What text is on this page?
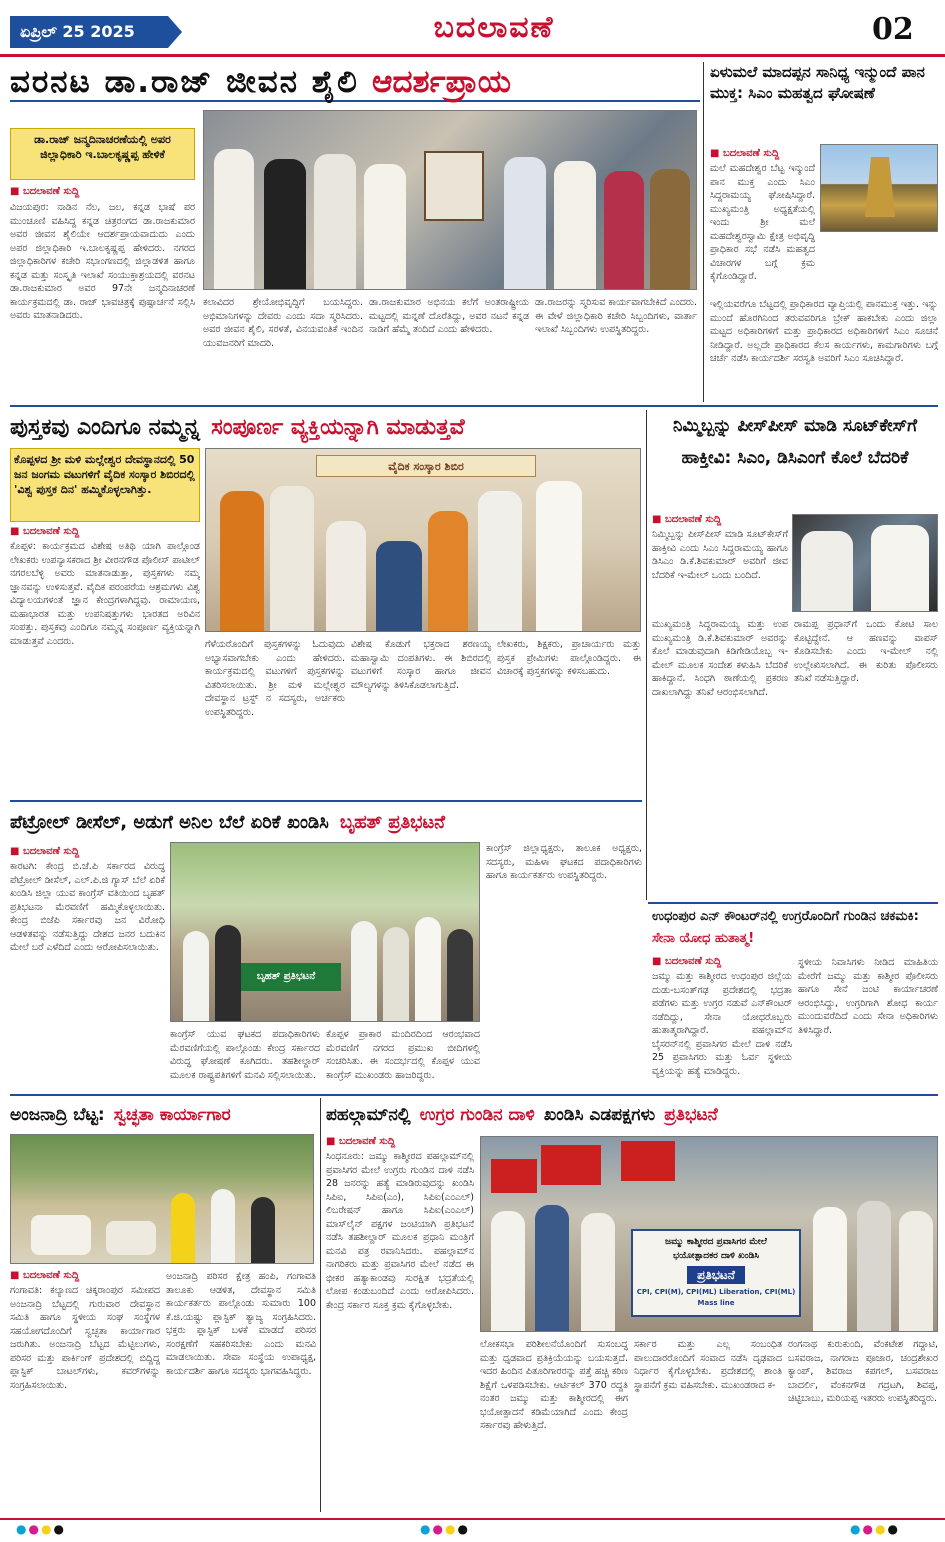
ಏಪ್ರಿಲ್ 25 2025	ಬದಲಾವಣೆ	02
ವರನಟ ಡಾ.ರಾಜ್ ಜೀವನ ಶೈಲಿ ಆದರ್ಶಪ್ರಾಯ
ಡಾ.ರಾಜ್ ಜನ್ಮದಿನಾಚರಣೆಯಲ್ಲಿ ಅಪರ ಜಿಲ್ಲಾಧಿಕಾರಿ ಇ.ಬಾಲಕೃಷ್ಣಪ್ಪ ಹೇಳಿಕೆ
■ ಬದಲಾವಣೆ ಸುದ್ದಿ
ವಿಜಯಪುರ: ನಾಡಿನ ನೆಲ, ಜಲ, ಕನ್ನಡ ಭಾಷೆ ಪರ ಮುಂಚೂಣಿ ವಹಿಸಿದ್ದ ಕನ್ನಡ ಚಿತ್ರರಂಗದ ಡಾ.ರಾಜಕುಮಾರ ಅವರ ಜೀವನ ಶೈಲಿಯೇ ಆದರ್ಶಪ್ರಾಯವಾದುದು ಎಂದು ಅಪರ ಜಿಲ್ಲಾಧಿಕಾರಿ ಇ.ಬಾಲಕೃಷ್ಣಪ್ಪ ಹೇಳಿದರು. ನಗರದ ಜಿಲ್ಲಾಧಿಕಾರಿಗಳ ಕಚೇರಿ ಸಭಾಂಗಣದಲ್ಲಿ ಜಿಲ್ಲಾಡಳಿತ ಹಾಗೂ ಕನ್ನಡ ಮತ್ತು ಸಂಸ್ಕೃತಿ ಇಲಾಖೆ ಸಂಯುಕ್ತಾಶ್ರಯದಲ್ಲಿ ವರನಟ ಡಾ.ರಾಜಕುಮಾರ ಅವರ 97ನೇ ಜನ್ಮದಿನಾಚರಣೆ ಕಾರ್ಯಕ್ರಮದಲ್ಲಿ ಡಾ. ರಾಜ್ ಭಾವಚಿತ್ರಕ್ಕೆ ಪುಷ್ಪಾರ್ಚನೆ ಸಲ್ಲಿಸಿ ಅವರು ಮಾತನಾಡಿದರು.
ಕಲಾವಿದರ ಶ್ರೇಯೋಭಿವೃದ್ಧಿಗೆ ಬಯಸಿದ್ದರು. ಅಭಿಮಾನಿಗಳನ್ನು ದೇವರು ಎಂದು ಸದಾ ಸ್ಮರಿಸಿದರು. ಅವರ ಜೀವನ ಶೈಲಿ, ಸರಳತೆ, ವಿನಯವಂತಿಕೆ ಇಂದಿನ ಯುವಜನರಿಗೆ ಮಾದರಿ.
ಡಾ.ರಾಜಕುಮಾರ ಅಭಿನಯ ಕಲೆಗೆ ಅಂತರಾಷ್ಟ್ರೀಯ ಮಟ್ಟದಲ್ಲಿ ಮನ್ನಣೆ ದೊರೆತಿದ್ದು, ಅವರ ನಟನೆ ಕನ್ನಡ ನಾಡಿಗೆ ಹೆಮ್ಮೆ ತಂದಿದೆ ಎಂದು ಹೇಳಿದರು.
ಡಾ.ರಾಜರನ್ನು ಸ್ಮರಿಸುವ ಕಾರ್ಯವಾಗಬೇಕಿದೆ ಎಂದರು. ಈ ವೇಳೆ ಜಿಲ್ಲಾಧಿಕಾರಿ ಕಚೇರಿ ಸಿಬ್ಬಂದಿಗಳು, ವಾರ್ತಾ ಇಲಾಖೆ ಸಿಬ್ಬಂದಿಗಳು ಉಪಸ್ಥಿತರಿದ್ದರು.
ಏಳುಮಲೆ ಮಾದಪ್ಪನ ಸಾನಿಧ್ಯ ಇನ್ಮುಂದೆ ಪಾನ ಮುಕ್ತ: ಸಿಎಂ ಮಹತ್ವದ ಘೋಷಣೆ
■ ಬದಲಾವಣೆ ಸುದ್ದಿ
ಮಲೆ ಮಹದೇಶ್ವರ ಬೆಟ್ಟ ಇನ್ಮುಂದೆ ಪಾನ ಮುಕ್ತ ಎಂದು ಸಿಎಂ ಸಿದ್ದರಾಮಯ್ಯ ಘೋಷಿಸಿದ್ದಾರೆ. ಮುಖ್ಯಮಂತ್ರಿ ಅಧ್ಯಕ್ಷತೆಯಲ್ಲಿ ಇಂದು ಶ್ರೀ ಮಲೆ ಮಹದೇಶ್ವರಸ್ವಾಮಿ ಕ್ಷೇತ್ರ ಅಭಿವೃದ್ಧಿ ಪ್ರಾಧಿಕಾರ ಸಭೆ ನಡೆಸಿ ಮಹತ್ವದ ವಿಚಾರಗಳ ಬಗ್ಗೆ ಕ್ರಮ ಕೈಗೊಂಡಿದ್ದಾರೆ.
ಇಲ್ಲಿಯವರೆಗೂ ಬೆಟ್ಟದಲ್ಲಿ ಪ್ರಾಧಿಕಾರದ ವ್ಯಾಪ್ತಿಯಲ್ಲಿ ಪಾನಮುಕ್ತ ಇತ್ತು. ಇನ್ನು ಮುಂದೆ ಹೊರಗಿನಿಂದ ತರುವವರಿಗೂ ಬ್ರೇಕ್ ಹಾಕಬೇಕು ಎಂದು ಜಿಲ್ಲಾ ಮಟ್ಟದ ಅಧಿಕಾರಿಗಳಿಗೆ ಮತ್ತು ಪ್ರಾಧಿಕಾರದ ಅಧಿಕಾರಿಗಳಿಗೆ ಸಿಎಂ ಸೂಚನೆ ನೀಡಿದ್ದಾರೆ. ಅಲ್ಲದೇ ಪ್ರಾಧಿಕಾರದ ಕೆಲಸ ಕಾರ್ಯಗಳು, ಕಾಮಗಾರಿಗಳು ಬಗ್ಗೆ ಚರ್ಚೆ ನಡೆಸಿ ಕಾರ್ಯದರ್ಶಿ ಸರಸ್ವತಿ ಅವರಿಗೆ ಸಿಎಂ ಸೂಚಿಸಿದ್ದಾರೆ.
ಪುಸ್ತಕವು ಎಂದಿಗೂ ನಮ್ಮನ್ನ ಸಂಪೂರ್ಣ ವ್ಯಕ್ತಿಯನ್ನಾಗಿ ಮಾಡುತ್ತವೆ
ಕೊಪ್ಪಳದ ಶ್ರೀ ಮಳಿ ಮಲ್ಲೇಶ್ವರ ದೇವಸ್ಥಾನದಲ್ಲಿ 50 ಜನ ಜಂಗಮ ವಟುಗಳಿಗೆ ವೈದಿಕ ಸಂಸ್ಕಾರ ಶಿಬಿರದಲ್ಲಿ 'ವಿಶ್ವ ಪುಸ್ತಕ ದಿನ' ಹಮ್ಮಿಕೊಳ್ಳಲಾಗಿತ್ತು.
■ ಬದಲಾವಣೆ ಸುದ್ದಿ
ಕೊಪ್ಪಳ: ಕಾರ್ಯಕ್ರಮದ ವಿಶೇಷ ಅತಿಥಿ ಯಾಗಿ ಪಾಲ್ಗೊಂಡ ಲೇಖಕರು ಉಪನ್ಯಾಸಕರಾದ ಶ್ರೀ ವೀರನಗೌಡ ಪೊಲೀಸ್ ಪಾಟೀಲ್ ನಗರಲಬೆಳ್ಳಿ ಅವರು ಮಾತನಾಡುತ್ತಾ, ಪುಸ್ತಕಗಳು ನಮ್ಮ ಜ್ಞಾನವನ್ನು ಉಳಿಸುತ್ತವೆ. ವೈದಿಕ ಪರಂಪರೆಯ ಆಶ್ರಮಗಳು ವಿಶ್ವ ವಿದ್ಯಾಲಯಗಳಂತೆ ಜ್ಞಾನ ಕೇಂದ್ರಗಳಾಗಿದ್ದವು. ರಾಮಾಯಣ, ಮಹಾಭಾರತ ಮತ್ತು ಉಪನಿಷತ್ತುಗಳು ಭಾರತದ ಅರಿವಿನ ಸಂಪತ್ತು. ಪುಸ್ತಕವು ಎಂದಿಗೂ ನಮ್ಮನ್ನ ಸಂಪೂರ್ಣ ವ್ಯಕ್ತಿಯನ್ನಾಗಿ ಮಾಡುತ್ತವೆ ಎಂದರು.
ವೈದಿಕ ಸಂಸ್ಕಾರ ಶಿಬಿರ
ಗೆಳೆಯರೊಂದಿಗೆ ಪುಸ್ತಕಗಳನ್ನು ಓದುವುದು ಅಭ್ಯಾಸವಾಗಬೇಕು ಎಂದು ಹೇಳಿದರು. ಕಾರ್ಯಕ್ರಮದಲ್ಲಿ ವಟುಗಳಿಗೆ ಪುಸ್ತಕಗಳನ್ನು ವಿತರಿಸಲಾಯಿತು. ಶ್ರೀ ಮಳಿ ಮಲ್ಲೇಶ್ವರ ದೇವಸ್ಥಾನ ಟ್ರಸ್ಟ್ ನ ಸದಸ್ಯರು, ಅರ್ಚಕರು ಉಪಸ್ಥಿತರಿದ್ದರು.
ವಿಶೇಷ ಕೊಡುಗೆ ಭಕ್ತರಾದ ಶರಣಯ್ಯ ಮಹಾಸ್ವಾಮಿ ದಂಪತಿಗಳು. ಈ ಶಿಬಿರದಲ್ಲಿ ವಟುಗಳಿಗೆ ಸಂಸ್ಕಾರ ಹಾಗೂ ಜೀವನ ಮೌಲ್ಯಗಳನ್ನು ತಿಳಿಸಿಕೊಡಲಾಗುತ್ತಿದೆ.
ಲೇಖಕರು, ಶಿಕ್ಷಕರು, ಪ್ರಾಚಾರ್ಯರು ಮತ್ತು ಪುಸ್ತಕ ಪ್ರೇಮಿಗಳು ಪಾಲ್ಗೊಂಡಿದ್ದರು. ಈ ವಿಚಾರಕ್ಕೆ ಪುಸ್ತಕಗಳನ್ನು ಕಳಿಸಬಹುದು.
ನಿಮ್ಮಿಬ್ಬನ್ನು ಪೀಸ್‌ಪೀಸ್ ಮಾಡಿ ಸೂಟ್‌ಕೇಸ್‌ಗೆ ಹಾಕ್ತೀವಿ: ಸಿಎಂ, ಡಿಸಿಎಂಗೆ ಕೊಲೆ ಬೆದರಿಕೆ
■ ಬದಲಾವಣೆ ಸುದ್ದಿ
ನಿಮ್ಮಿಬ್ಬನ್ನು ಪೀಸ್‌ಪೀಸ್ ಮಾಡಿ ಸೂಟ್‌ಕೇಸ್‌ಗೆ ಹಾಕ್ತೀವಿ ಎಂದು ಸಿಎಂ ಸಿದ್ದರಾಮಯ್ಯ ಹಾಗೂ ಡಿಸಿಎಂ ಡಿ.ಕೆ.ಶಿವಕುಮಾರ್ ಅವರಿಗೆ ಜೀವ ಬೆದರಿಕೆ ಇ-ಮೇಲ್ ಒಂದು ಬಂದಿದೆ.
ಮುಖ್ಯಮಂತ್ರಿ ಸಿದ್ದರಾಮಯ್ಯ ಮತ್ತು ಉಪ ಮುಖ್ಯಮಂತ್ರಿ ಡಿ.ಕೆ.ಶಿವಕುಮಾರ್ ಅವರನ್ನು ಕೊಲೆ ಮಾಡುವುದಾಗಿ ಕಿಡಿಗೇಡಿಯೊಬ್ಬ ಇ-ಮೇಲ್ ಮೂಲಕ ಸಂದೇಶ ಕಳುಹಿಸಿ ಬೆದರಿಕೆ ಹಾಕಿದ್ದಾನೆ. ಸಿಂಧಗಿ ಠಾಣೆಯಲ್ಲಿ ಪ್ರಕರಣ ದಾಖಲಾಗಿದ್ದು ತನಿಖೆ ಆರಂಭಿಸಲಾಗಿದೆ.
ರಾಮಪ್ಪ ಪ್ರಧಾನ್‌ಗೆ ಒಂದು ಕೋಟಿ ಸಾಲ ಕೊಟ್ಟಿದ್ದೇನೆ. ಆ ಹಣವನ್ನು ವಾಪಸ್ ಕೊಡಿಸಬೇಕು ಎಂದು ಇ-ಮೇಲ್ ನಲ್ಲಿ ಉಲ್ಲೇಖಿಸಲಾಗಿದೆ. ಈ ಕುರಿತು ಪೊಲೀಸರು ತನಿಖೆ ನಡೆಸುತ್ತಿದ್ದಾರೆ.
ಪೆಟ್ರೋಲ್ ಡೀಸೆಲ್, ಅಡುಗೆ ಅನಿಲ ಬೆಲೆ ಏರಿಕೆ ಖಂಡಿಸಿ ಬೃಹತ್ ಪ್ರತಿಭಟನೆ
■ ಬದಲಾವಣೆ ಸುದ್ದಿ
ಕಾರಟಗಿ: ಕೇಂದ್ರ ಬಿ.ಜೆ.ಪಿ ಸರ್ಕಾರದ ವಿರುದ್ಧ ಪೆಟ್ರೋಲ್ ಡೀಸೆಲ್, ಎಲ್.ಪಿ.ಜಿ ಗ್ಯಾಸ್ ಬೆಲೆ ಏರಿಕೆ ಖಂಡಿಸಿ ಜಿಲ್ಲಾ ಯುವ ಕಾಂಗ್ರೆಸ್ ವತಿಯಿಂದ ಬೃಹತ್ ಪ್ರತಿಭಟನಾ ಮೆರವಣಿಗೆ ಹಮ್ಮಿಕೊಳ್ಳಲಾಯಿತು. ಕೇಂದ್ರ ಬಿಜೆಪಿ ಸರ್ಕಾರವು ಜನ ವಿರೋಧಿ ಆಡಳಿತವನ್ನು ನಡೆಸುತ್ತಿದ್ದು ದೇಶದ ಜನರ ಬದುಕಿನ ಮೇಲೆ ಬರೆ ಎಳೆದಿದೆ ಎಂದು ಆರೋಪಿಸಲಾಯಿತು.
ಬೃಹತ್ ಪ್ರತಿಭಟನೆ
ಕಾಂಗ್ರೆಸ್ ಯುವ ಘಟಕದ ಪದಾಧಿಕಾರಿಗಳು ಮೆರವಣಿಗೆಯಲ್ಲಿ ಪಾಲ್ಗೊಂಡು ಕೇಂದ್ರ ಸರ್ಕಾರದ ವಿರುದ್ಧ ಘೋಷಣೆ ಕೂಗಿದರು. ತಹಶೀಲ್ದಾರ್ ಮೂಲಕ ರಾಷ್ಟ್ರಪತಿಗಳಿಗೆ ಮನವಿ ಸಲ್ಲಿಸಲಾಯಿತು.
ಕೊಪ್ಪಳ ಪ್ರಾಕಾರ ಮಂದಿರದಿಂದ ಆರಂಭವಾದ ಮೆರವಣಿಗೆ ನಗರದ ಪ್ರಮುಖ ಬೀದಿಗಳಲ್ಲಿ ಸಂಚರಿಸಿತು. ಈ ಸಂದರ್ಭದಲ್ಲಿ ಕೊಪ್ಪಳ ಯುವ ಕಾಂಗ್ರೆಸ್ ಮುಖಂಡರು ಹಾಜರಿದ್ದರು.
ಕಾಂಗ್ರೆಸ್ ಜಿಲ್ಲಾಧ್ಯಕ್ಷರು, ತಾಲೂಕ ಅಧ್ಯಕ್ಷರು, ಸದಸ್ಯರು, ಮಹಿಳಾ ಘಟಕದ ಪದಾಧಿಕಾರಿಗಳು ಹಾಗೂ ಕಾರ್ಯಕರ್ತರು ಉಪಸ್ಥಿತರಿದ್ದರು.
ಉಧಂಪುರ ಎನ್ ಕೌಂಟರ್‌ನಲ್ಲಿ ಉಗ್ರರೊಂದಿಗೆ ಗುಂಡಿನ ಚಕಮಕಿ: ಸೇನಾ ಯೋಧ ಹುತಾತ್ಮ!
■ ಬದಲಾವಣೆ ಸುದ್ದಿ
ಜಮ್ಮು ಮತ್ತು ಕಾಶ್ಮೀರದ ಉಧಂಪುರ ಜಿಲ್ಲೆಯ ದುಡು-ಬಸಂತ್‌ಗಢ ಪ್ರದೇಶದಲ್ಲಿ ಭದ್ರತಾ ಪಡೆಗಳು ಮತ್ತು ಉಗ್ರರ ನಡುವೆ ಎನ್‌ಕೌಂಟರ್ ನಡೆದಿದ್ದು, ಸೇನಾ ಯೋಧರೊಬ್ಬರು ಹುತಾತ್ಮರಾಗಿದ್ದಾರೆ. ಪಹಲ್ಗಾಮ್‌ನ ಬೈಸರನ್‌ನಲ್ಲಿ ಪ್ರವಾಸಿಗರ ಮೇಲೆ ದಾಳಿ ನಡೆಸಿ 25 ಪ್ರವಾಸಿಗರು ಮತ್ತು ಓರ್ವ ಸ್ಥಳೀಯ ವ್ಯಕ್ತಿಯನ್ನು ಹತ್ಯೆ ಮಾಡಿದ್ದರು.
ಸ್ಥಳೀಯ ನಿವಾಸಿಗಳು ನೀಡಿದ ಮಾಹಿತಿಯ ಮೇರೆಗೆ ಜಮ್ಮು ಮತ್ತು ಕಾಶ್ಮೀರ ಪೊಲೀಸರು ಹಾಗೂ ಸೇನೆ ಜಂಟಿ ಕಾರ್ಯಾಚರಣೆ ಆರಂಭಿಸಿದ್ದು, ಉಗ್ರರಿಗಾಗಿ ಶೋಧ ಕಾರ್ಯ ಮುಂದುವರೆದಿದೆ ಎಂದು ಸೇನಾ ಅಧಿಕಾರಿಗಳು ತಿಳಿಸಿದ್ದಾರೆ.
ಅಂಜನಾದ್ರಿ ಬೆಟ್ಟ: ಸ್ವಚ್ಛತಾ ಕಾರ್ಯಾಗಾರ
■ ಬದಲಾವಣೆ ಸುದ್ದಿ
ಗಂಗಾವತಿ: ಕಲ್ಯಾಣದ ಚಿಕ್ಕರಾಂಪುರ ಸಮೀಪದ ಅಂಜನಾದ್ರಿ ಬೆಟ್ಟದಲ್ಲಿ ಗುರುವಾರ ದೇವಸ್ಥಾನ ಸಮಿತಿ ಹಾಗೂ ಸ್ಥಳೀಯ ಸಂಘ ಸಂಸ್ಥೆಗಳ ಸಹಯೋಗದೊಂದಿಗೆ ಸ್ವಚ್ಛತಾ ಕಾರ್ಯಾಗಾರ ಜರುಗಿತು. ಅಂಜನಾದ್ರಿ ಬೆಟ್ಟದ ಮೆಟ್ಟಿಲುಗಳು, ಪರಿಸರ ಮತ್ತು ಪಾರ್ಕಿಂಗ್ ಪ್ರದೇಶದಲ್ಲಿ ಬಿದ್ದಿದ್ದ ಪ್ಲಾಸ್ಟಿಕ್ ಬಾಟಲ್‌ಗಳು, ಕವರ್‌ಗಳನ್ನು ಸಂಗ್ರಹಿಸಲಾಯಿತು.
ಅಂಜನಾದ್ರಿ ಪರಿಸರ ಕ್ಷೇತ್ರ ಹಂಪಿ, ಗಂಗಾವತಿ ತಾಲೂಕು ಆಡಳಿತ, ದೇವಸ್ಥಾನ ಸಮಿತಿ ಕಾರ್ಯಕರ್ತರು ಪಾಲ್ಗೊಂಡು ಸುಮಾರು 100 ಕೆ.ಜಿ.ಯಷ್ಟು ಪ್ಲಾಸ್ಟಿಕ್ ತ್ಯಾಜ್ಯ ಸಂಗ್ರಹಿಸಿದರು. ಭಕ್ತರು ಪ್ಲಾಸ್ಟಿಕ್ ಬಳಕೆ ಮಾಡದೆ ಪರಿಸರ ಸಂರಕ್ಷಣೆಗೆ ಸಹಕರಿಸಬೇಕು ಎಂದು ಮನವಿ ಮಾಡಲಾಯಿತು. ಸೇವಾ ಸಂಸ್ಥೆಯ ಉಪಾಧ್ಯಕ್ಷ, ಕಾರ್ಯದರ್ಶಿ ಹಾಗೂ ಸದಸ್ಯರು ಭಾಗವಹಿಸಿದ್ದರು.
ಪಹಲ್ಗಾಮ್‌ನಲ್ಲಿ ಉಗ್ರರ ಗುಂಡಿನ ದಾಳಿ ಖಂಡಿಸಿ ಎಡಪಕ್ಷಗಳು ಪ್ರತಿಭಟನೆ
■ ಬದಲಾವಣೆ ಸುದ್ದಿ
ಸಿಂಧನೂರು: ಜಮ್ಮು ಕಾಶ್ಮೀರದ ಪಹಲ್ಗಾಮ್‌ನಲ್ಲಿ ಪ್ರವಾಸಿಗರ ಮೇಲೆ ಉಗ್ರರು ಗುಂಡಿನ ದಾಳಿ ನಡೆಸಿ 28 ಜನರನ್ನು ಹತ್ಯೆ ಮಾಡಿರುವುದನ್ನು ಖಂಡಿಸಿ ಸಿಪಿಐ, ಸಿಪಿಐ(ಎಂ), ಸಿಪಿಐ(ಎಂಎಲ್) ಲಿಬರೇಷನ್ ಹಾಗೂ ಸಿಪಿಐ(ಎಂಎಲ್) ಮಾಸ್‌ಲೈನ್ ಪಕ್ಷಗಳ ಜಂಟಿಯಾಗಿ ಪ್ರತಿಭಟನೆ ನಡೆಸಿ ತಹಶೀಲ್ದಾರ್ ಮೂಲಕ ಪ್ರಧಾನಿ ಮಂತ್ರಿಗೆ ಮನವಿ ಪತ್ರ ರವಾನಿಸಿದರು. ಪಹಲ್ಗಾಮ್‌ನ ನಾಗರಿಕರು ಮತ್ತು ಪ್ರವಾಸಿಗರ ಮೇಲೆ ನಡೆದ ಈ ಭೀಕರ ಹತ್ಯಾಕಾಂಡವು ಸುರಕ್ಷಿತ ಭದ್ರತೆಯಲ್ಲಿ ಲೋಪ ಕಂಡುಬಂದಿದೆ ಎಂದು ಆರೋಪಿಸಿದರು. ಕೇಂದ್ರ ಸರ್ಕಾರ ಸೂಕ್ತ ಕ್ರಮ ಕೈಗೊಳ್ಳಬೇಕು.
ಜಮ್ಮು ಕಾಶ್ಮೀರದ ಪ್ರವಾಸಿಗರ ಮೇಲೆ
ಭಯೋತ್ಪಾದಕರ ದಾಳಿ ಖಂಡಿಸಿ
ಪ್ರತಿಭಟನೆ
CPI, CPI(M), CPI(ML) Liberation, CPI(ML) Mass line
ಲೋಕಸಭಾ ಪರಿಶೀಲನೆಯೊಂದಿಗೆ ಸುಸಂಬದ್ಧ ಮತ್ತು ಧೃಡವಾದ ಪ್ರತಿಕ್ರಿಯೆಯನ್ನು ಬಯಸುತ್ತದೆ. ಇದರ ಹಿಂದಿನ ಪಿತೂರಿಗಾರರನ್ನು ಪತ್ತೆ ಹಚ್ಚಿ ಕಠಿಣ ಶಿಕ್ಷೆಗೆ ಒಳಪಡಿಸಬೇಕು. ಆರ್ಟಿಕಲ್ 370 ರದ್ದತಿ ನಂತರ ಜಮ್ಮು ಮತ್ತು ಕಾಶ್ಮೀರದಲ್ಲಿ ಈಗ ಭಯೋತ್ಪಾದನೆ ಕಡಿಮೆಯಾಗಿದೆ ಎಂದು ಕೇಂದ್ರ ಸರ್ಕಾರವು ಹೇಳುತ್ತಿದೆ.
ಸರ್ಕಾರ ಮತ್ತು ಎಲ್ಲ ಸಂಬಂಧಿತ ಪಾಲುದಾರರೊಂದಿಗೆ ಸಂವಾದ ನಡೆಸಿ ದೃಢವಾದ ನಿರ್ಧಾರ ಕೈಗೊಳ್ಳಬೇಕು. ಪ್ರದೇಶದಲ್ಲಿ ಶಾಂತಿ ಸ್ಥಾಪನೆಗೆ ಕ್ರಮ ವಹಿಸಬೇಕು. ಮುಖಂಡರಾದ ಕ-
ರಂಗನಾಥ ಕುರುಕುಂದಿ, ವೆಂಕಟೇಶ ಗದ್ದಾಟಿ, ಬಸವರಾಜ, ನಾಗರಾಜ ಪೂಜಾರ, ಚಂದ್ರಶೇಖರ ಕ್ಯಾಂಪ್, ಶಿವರಾಜ ಕಪಗಲ್, ಬಸವರಾಜ ಬಾದರ್ಲಿ, ವೆಂಕನಗೌಡ ಗದ್ರಟಗಿ, ಶಿವಪ್ಪ, ಚಿಟ್ಟಿಬಾಬು, ಮರಿಯಪ್ಪ ಇತರರು ಉಪಸ್ಥಿತರಿದ್ದರು.
●●●●	●●●●	●●●●
